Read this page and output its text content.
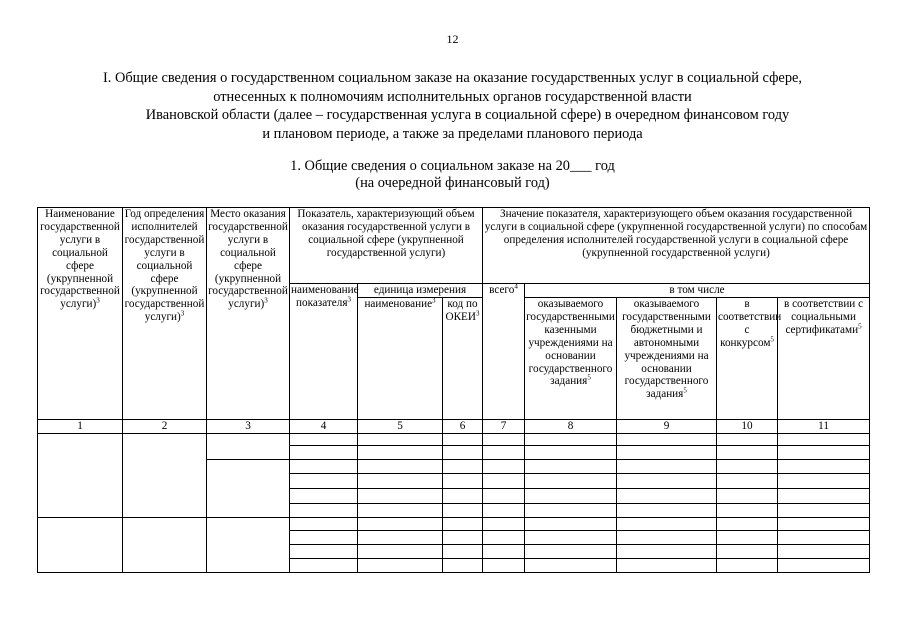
12
I. Общие сведения о государственном социальном заказе на оказание государственных услуг в социальной сфере,
отнесенных к полномочиям исполнительных органов государственной власти
Ивановской области (далее – государственная услуга в социальной сфере) в очередном финансовом году
и плановом периоде, а также за пределами планового периода
1. Общие сведения о социальном заказе на 20___ год
(на очередной финансовый год)
Наименование государственной услуги в социальной сфере (укрупненной государственной услуги)$^3$	Год определения исполнителей государственной услуги в социальной сфере (укрупненной государственной услуги)$^3$	Место оказания государственной услуги в социальной сфере (укрупненной государственной услуги)$^3$	Показатель, характеризующий объем оказания государственной услуги в социальной сфере (укрупненной государственной услуги)			Значение показателя, характеризующего объем оказания государственной услуги в социальной сфере (укрупненной государственной услуги) по способам определения исполнителей государственной услуги в социальной сфере (укрупненной государственной услуги)				
			наименование показателя$^3$	единица измерения		всего$^4$	в том числе			
				наименование$^3$	код по ОКЕИ$^3$		оказываемого государственными казенными учреждениями на основании государственного задания$^5$	оказываемого государственными бюджетными и автономными учреждениями на основании государственного задания$^5$	в соответствии с конкурсом$^5$	в соответствии с социальными сертификатами$^5$
1	2	3	4	5	6	7	8	9	10	11
